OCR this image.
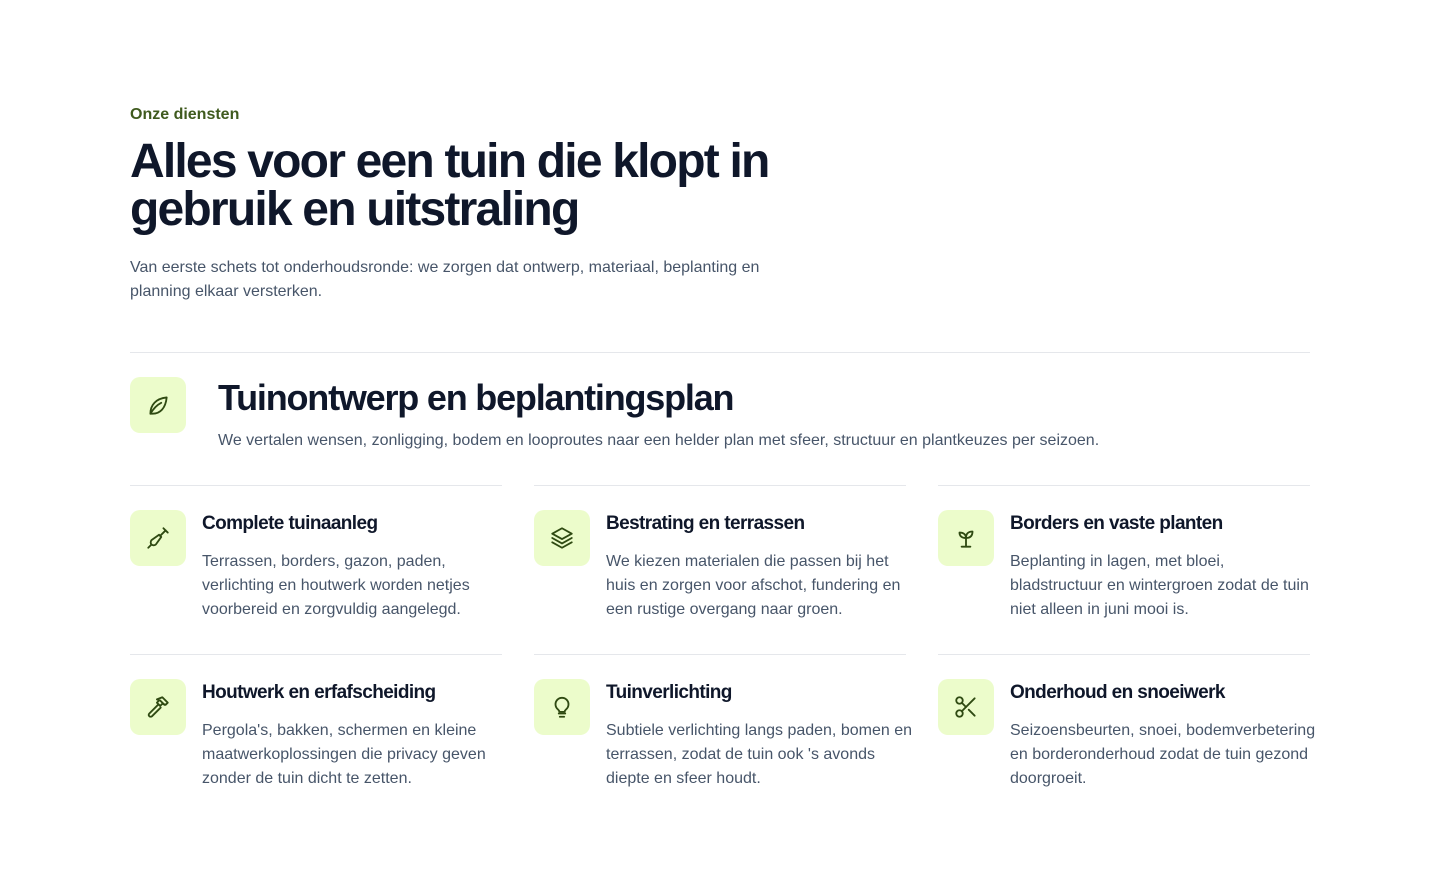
Onze diensten
Alles voor een tuin die klopt in gebruik en uitstraling

Van eerste schets tot onderhoudsronde: we zorgen dat ontwerp, materiaal, beplanting en planning elkaar versterken.

Tuinontwerp en beplantingsplan

We vertalen wensen, zonligging, bodem en looproutes naar een helder plan met sfeer, structuur en plantkeuzes per seizoen.

Complete tuinaanleg

Terrassen, borders, gazon, paden, verlichting en houtwerk worden netjes voorbereid en zorgvuldig aangelegd.

Bestrating en terrassen

We kiezen materialen die passen bij het huis en zorgen voor afschot, fundering en een rustige overgang naar groen.

Borders en vaste planten

Beplanting in lagen, met bloei, bladstructuur en wintergroen zodat de tuin niet alleen in juni mooi is.

Houtwerk en erfafscheiding

Pergola's, bakken, schermen en kleine maatwerkoplossingen die privacy geven zonder de tuin dicht te zetten.

Tuinverlichting

Subtiele verlichting langs paden, bomen en terrassen, zodat de tuin ook 's avonds diepte en sfeer houdt.

Onderhoud en snoeiwerk

Seizoensbeurten, snoei, bodemverbetering en borderonderhoud zodat de tuin gezond doorgroeit.
